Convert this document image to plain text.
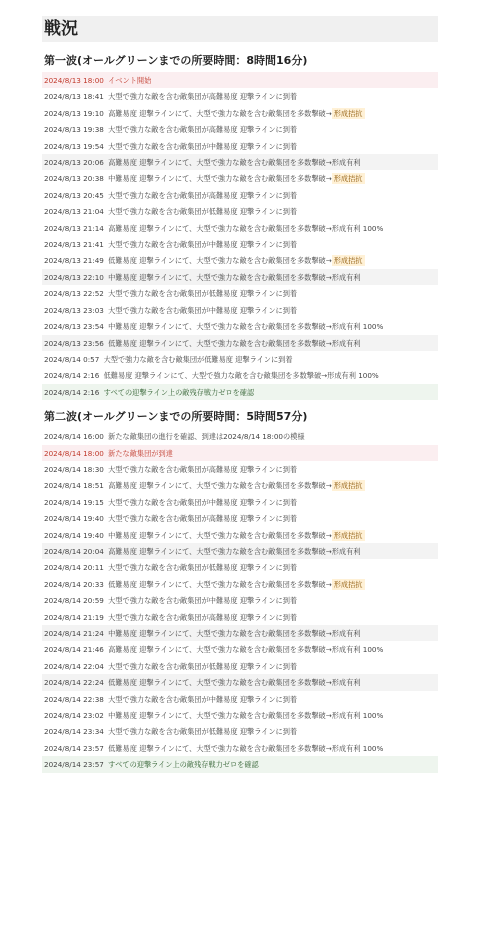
戦況
第一波(オールグリーンまでの所要時間：8時間16分)
2024/8/13 18:00 イベント開始
2024/8/13 18:41 大型で強力な敵を含む敵集団が高難易度 迎撃ラインに到着
2024/8/13 19:10 高難易度 迎撃ラインにて、大型で強力な敵を含む敵集団を多数撃破→ 形成拮抗
2024/8/13 19:38 大型で強力な敵を含む敵集団が高難易度 迎撃ラインに到着
2024/8/13 19:54 大型で強力な敵を含む敵集団が中難易度 迎撃ラインに到着
2024/8/13 20:06 高難易度 迎撃ラインにて、大型で強力な敵を含む敵集団を多数撃破→形成有利
2024/8/13 20:38 中難易度 迎撃ラインにて、大型で強力な敵を含む敵集団を多数撃破→ 形成拮抗
2024/8/13 20:45 大型で強力な敵を含む敵集団が高難易度 迎撃ラインに到着
2024/8/13 21:04 大型で強力な敵を含む敵集団が低難易度 迎撃ラインに到着
2024/8/13 21:14 高難易度 迎撃ラインにて、大型で強力な敵を含む敵集団を多数撃破→形成有利 100%
2024/8/13 21:41 大型で強力な敵を含む敵集団が中難易度 迎撃ラインに到着
2024/8/13 21:49 低難易度 迎撃ラインにて、大型で強力な敵を含む敵集団を多数撃破→ 形成拮抗
2024/8/13 22:10 中難易度 迎撃ラインにて、大型で強力な敵を含む敵集団を多数撃破→形成有利
2024/8/13 22:52 大型で強力な敵を含む敵集団が低難易度 迎撃ラインに到着
2024/8/13 23:03 大型で強力な敵を含む敵集団が中難易度 迎撃ラインに到着
2024/8/13 23:54 中難易度 迎撃ラインにて、大型で強力な敵を含む敵集団を多数撃破→形成有利 100%
2024/8/13 23:56 低難易度 迎撃ラインにて、大型で強力な敵を含む敵集団を多数撃破→形成有利
2024/8/14 0:57 大型で強力な敵を含む敵集団が低難易度 迎撃ラインに到着
2024/8/14 2:16 低難易度 迎撃ラインにて、大型で強力な敵を含む敵集団を多数撃破→形成有利 100%
2024/8/14 2:16 すべての迎撃ライン上の敵残存戦力ゼロを確認
第二波(オールグリーンまでの所要時間：5時間57分)
2024/8/14 16:00 新たな敵集団の進行を確認、到達は2024/8/14 18:00の模様
2024/8/14 18:00 新たな敵集団が到達
2024/8/14 18:30 大型で強力な敵を含む敵集団が高難易度 迎撃ラインに到着
2024/8/14 18:51 高難易度 迎撃ラインにて、大型で強力な敵を含む敵集団を多数撃破→ 形成拮抗
2024/8/14 19:15 大型で強力な敵を含む敵集団が中難易度 迎撃ラインに到着
2024/8/14 19:40 大型で強力な敵を含む敵集団が高難易度 迎撃ラインに到着
2024/8/14 19:40 中難易度 迎撃ラインにて、大型で強力な敵を含む敵集団を多数撃破→ 形成拮抗
2024/8/14 20:04 高難易度 迎撃ラインにて、大型で強力な敵を含む敵集団を多数撃破→形成有利
2024/8/14 20:11 大型で強力な敵を含む敵集団が低難易度 迎撃ラインに到着
2024/8/14 20:33 低難易度 迎撃ラインにて、大型で強力な敵を含む敵集団を多数撃破→ 形成拮抗
2024/8/14 20:59 大型で強力な敵を含む敵集団が中難易度 迎撃ラインに到着
2024/8/14 21:19 大型で強力な敵を含む敵集団が高難易度 迎撃ラインに到着
2024/8/14 21:24 中難易度 迎撃ラインにて、大型で強力な敵を含む敵集団を多数撃破→形成有利
2024/8/14 21:46 高難易度 迎撃ラインにて、大型で強力な敵を含む敵集団を多数撃破→形成有利 100%
2024/8/14 22:04 大型で強力な敵を含む敵集団が低難易度 迎撃ラインに到着
2024/8/14 22:24 低難易度 迎撃ラインにて、大型で強力な敵を含む敵集団を多数撃破→形成有利
2024/8/14 22:38 大型で強力な敵を含む敵集団が中難易度 迎撃ラインに到着
2024/8/14 23:02 中難易度 迎撃ラインにて、大型で強力な敵を含む敵集団を多数撃破→形成有利 100%
2024/8/14 23:34 大型で強力な敵を含む敵集団が低難易度 迎撃ラインに到着
2024/8/14 23:57 低難易度 迎撃ラインにて、大型で強力な敵を含む敵集団を多数撃破→形成有利 100%
2024/8/14 23:57 すべての迎撃ライン上の敵残存戦力ゼロを確認
